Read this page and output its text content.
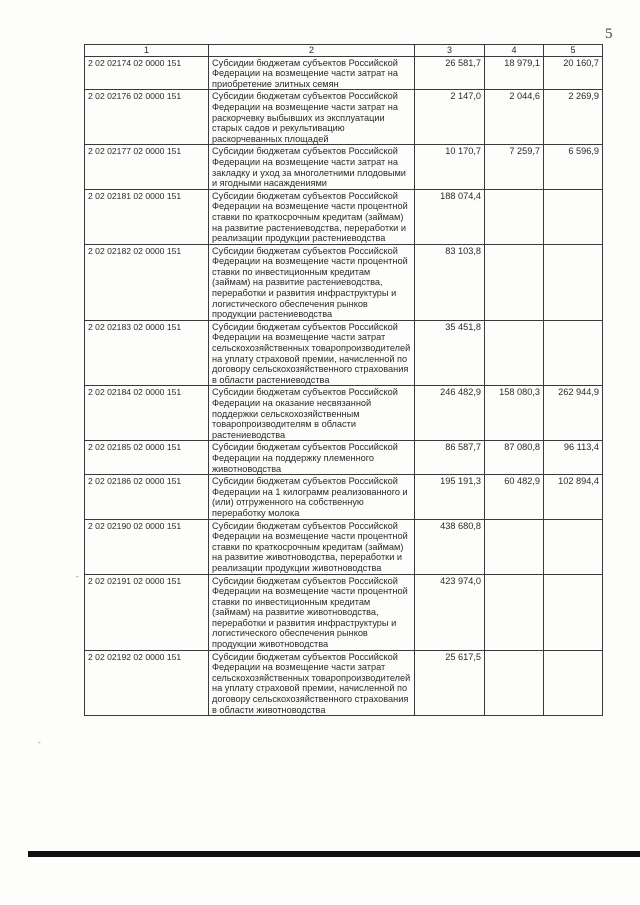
5
1	2	3	4	5
2 02 02174 02 0000 151	Субсидии бюджетам субъектов Российской Федерации на возмещение части затрат на приобретение элитных семян	26 581,7	18 979,1	20 160,7
2 02 02176 02 0000 151	Субсидии бюджетам субъектов Российской Федерации на возмещение части затрат на раскорчевку выбывших из эксплуатации старых садов и рекультивацию раскорчеванных площадей	2 147,0	2 044,6	2 269,9
2 02 02177 02 0000 151	Субсидии бюджетам субъектов Российской Федерации на возмещение части затрат на закладку и уход за многолетними плодовыми и ягодными насаждениями	10 170,7	7 259,7	6 596,9
2 02 02181 02 0000 151	Субсидии бюджетам субъектов Российской Федерации на возмещение части процентной ставки по краткосрочным кредитам (займам) на развитие растениеводства, переработки и реализации продукции растениеводства	188 074,4		
2 02 02182 02 0000 151	Субсидии бюджетам субъектов Российской Федерации на возмещение части процентной ставки по инвестиционным кредитам (займам) на развитие растениеводства, переработки и развития инфраструктуры и логистического обеспечения рынков продукции растениеводства	83 103,8		
2 02 02183 02 0000 151	Субсидии бюджетам субъектов Российской Федерации на возмещение части затрат сельскохозяйственных товаропроизводителей на уплату страховой премии, начисленной по договору сельскохозяйственного страхования в области растениеводства	35 451,8		
2 02 02184 02 0000 151	Субсидии бюджетам субъектов Российской Федерации на оказание несвязанной поддержки сельскохозяйственным товаропроизводителям в области растениеводства	246 482,9	158 080,3	262 944,9
2 02 02185 02 0000 151	Субсидии бюджетам субъектов Российской Федерации на поддержку племенного животноводства	86 587,7	87 080,8	96 113,4
2 02 02186 02 0000 151	Субсидии бюджетам субъектов Российской Федерации на 1 килограмм реализованного и (или) отгруженного на собственную переработку молока	195 191,3	60 482,9	102 894,4
2 02 02190 02 0000 151	Субсидии бюджетам субъектов Российской Федерации на возмещение части процентной ставки по краткосрочным кредитам (займам) на развитие животноводства, переработки и реализации продукции животноводства	438 680,8		
2 02 02191 02 0000 151	Субсидии бюджетам субъектов Российской Федерации на возмещение части процентной ставки по инвестиционным кредитам (займам) на развитие животноводства, переработки и развития инфраструктуры и логистического обеспечения рынков продукции животноводства	423 974,0		
2 02 02192 02 0000 151	Субсидии бюджетам субъектов Российской Федерации на возмещение части затрат сельскохозяйственных товаропроизводителей на уплату страховой премии, начисленной по договору сельскохозяйственного страхования в области животноводства	25 617,5		
-
-
